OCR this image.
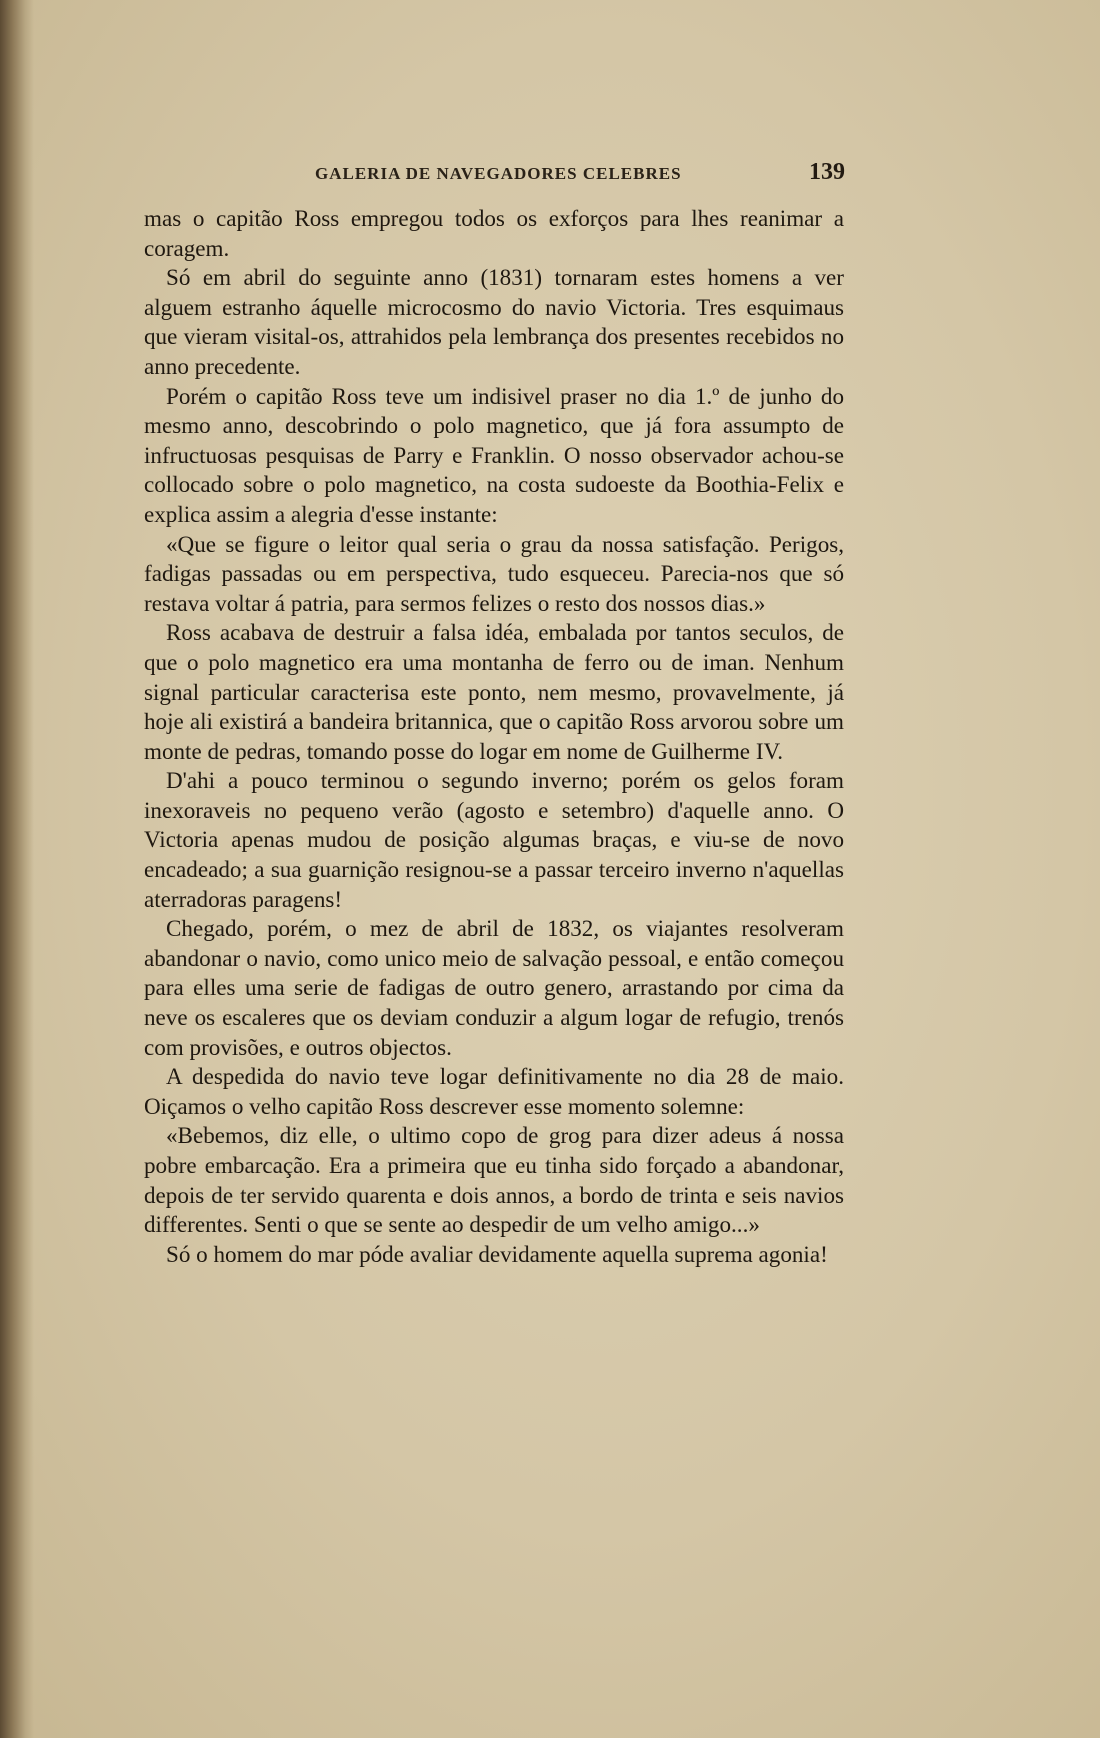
GALERIA DE NAVEGADORES CELEBRES	139

mas o capitão Ross empregou todos os exforços para lhes reanimar a coragem.

Só em abril do seguinte anno (1831) tornaram estes homens a ver alguem estranho áquelle microcosmo do navio Victoria. Tres esquimaus que vieram visital-os, attrahidos pela lembrança dos presentes recebidos no anno precedente.

Porém o capitão Ross teve um indisivel praser no dia 1.º de junho do mesmo anno, descobrindo o polo magnetico, que já fora assumpto de infructuosas pesquisas de Parry e Franklin. O nosso observador achou-se collocado sobre o polo magnetico, na costa sudoeste da Boothia-Felix e explica assim a alegria d'esse instante:

«Que se figure o leitor qual seria o grau da nossa satisfação. Perigos, fadigas passadas ou em perspectiva, tudo esqueceu. Parecia-nos que só restava voltar á patria, para sermos felizes o resto dos nossos dias.»

Ross acabava de destruir a falsa idéa, embalada por tantos seculos, de que o polo magnetico era uma montanha de ferro ou de iman. Nenhum signal particular caracterisa este ponto, nem mesmo, provavelmente, já hoje ali existirá a bandeira britannica, que o capitão Ross arvorou sobre um monte de pedras, tomando posse do logar em nome de Guilherme IV.

D'ahi a pouco terminou o segundo inverno; porém os gelos foram inexoraveis no pequeno verão (agosto e setembro) d'aquelle anno. O Victoria apenas mudou de posição algumas braças, e viu-se de novo encadeado; a sua guarnição resignou-se a passar terceiro inverno n'aquellas aterradoras paragens!

Chegado, porém, o mez de abril de 1832, os viajantes resolveram abandonar o navio, como unico meio de salvação pessoal, e então começou para elles uma serie de fadigas de outro genero, arrastando por cima da neve os escaleres que os deviam conduzir a algum logar de refugio, trenós com provisões, e outros objectos.

A despedida do navio teve logar definitivamente no dia 28 de maio. Oiçamos o velho capitão Ross descrever esse momento solemne:

«Bebemos, diz elle, o ultimo copo de grog para dizer adeus á nossa pobre embarcação. Era a primeira que eu tinha sido forçado a abandonar, depois de ter servido quarenta e dois annos, a bordo de trinta e seis navios differentes. Senti o que se sente ao despedir de um velho amigo...»

Só o homem do mar póde avaliar devidamente aquella suprema agonia!
